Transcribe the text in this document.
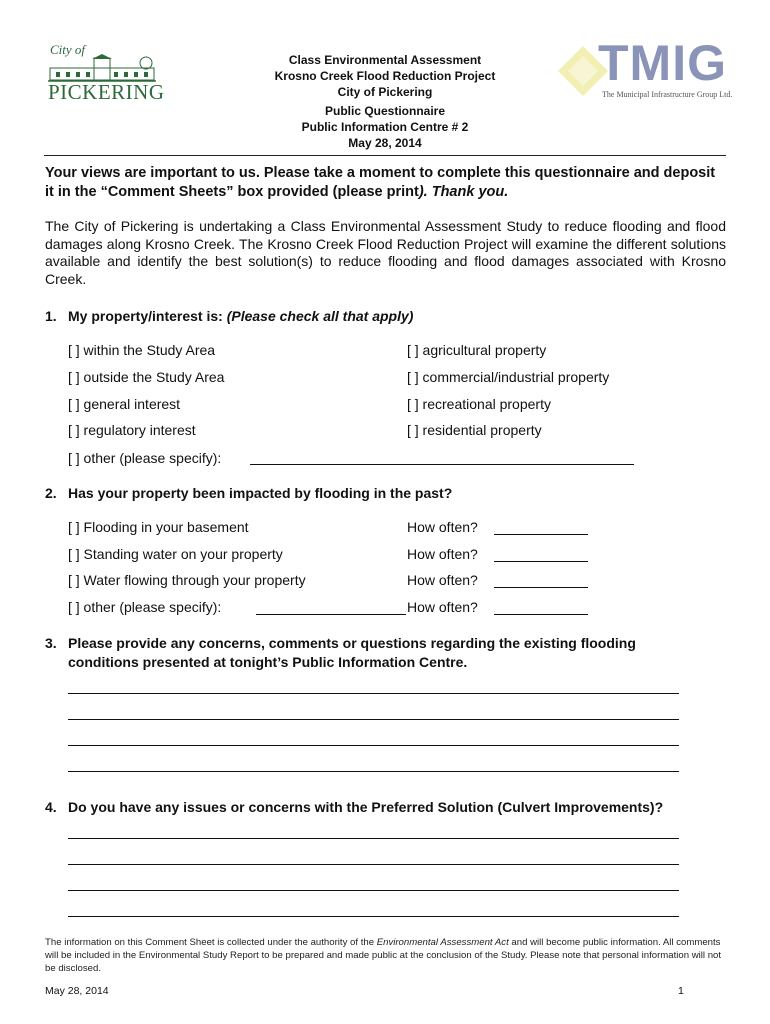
City of
PICKERING
TMIG
The Municipal Infrastructure Group Ltd.
Class Environmental Assessment
Krosno Creek Flood Reduction Project
City of Pickering
Public Questionnaire
Public Information Centre # 2
May 28, 2014
Your views are important to us. Please take a moment to complete this questionnaire and deposit it in the “Comment Sheets” box provided (please print). Thank you.
The City of Pickering is undertaking a Class Environmental Assessment Study to reduce flooding and flood damages along Krosno Creek. The Krosno Creek Flood Reduction Project will examine the different solutions available and identify the best solution(s) to reduce flooding and flood damages associated with Krosno Creek.
1. My property/interest is: (Please check all that apply)
[ ] within the Study Area
[ ] outside the Study Area
[ ] general interest
[ ] regulatory interest
[ ] agricultural property
[ ] commercial/industrial property
[ ] recreational property
[ ] residential property
[ ] other (please specify):
2. Has your property been impacted by flooding in the past?
[ ] Flooding in your basement
[ ] Standing water on your property
[ ] Water flowing through your property
[ ] other (please specify):
How often?
How often?
How often?
How often?
3. Please provide any concerns, comments or questions regarding the existing flooding
conditions presented at tonight’s Public Information Centre.
4. Do you have any issues or concerns with the Preferred Solution (Culvert Improvements)?
The information on this Comment Sheet is collected under the authority of the Environmental Assessment Act and will become public information. All comments will be included in the Environmental Study Report to be prepared and made public at the conclusion of the Study. Please note that personal information will not be disclosed.
May 28, 2014	1
